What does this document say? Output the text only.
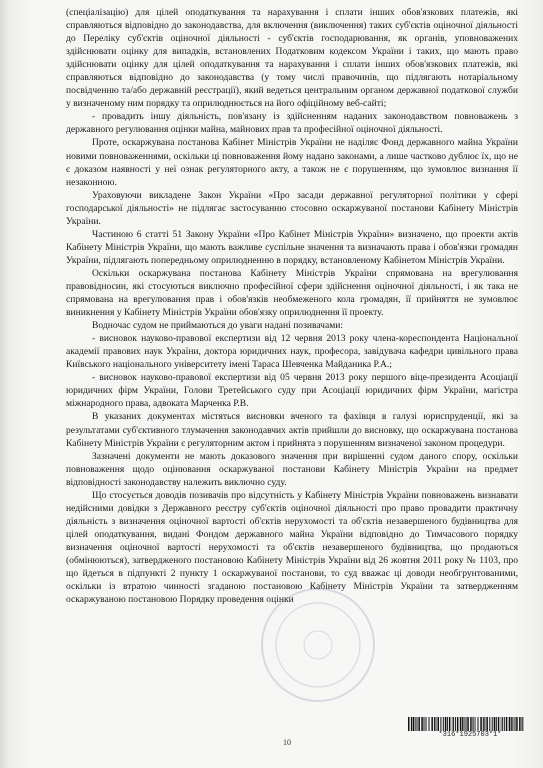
(спеціалізацію) для цілей оподаткування та нарахування і сплати інших обов'язкових платежів, які справляються відповідно до законодавства, для включення (виключення) таких суб'єктів оціночної діяльності до Переліку суб'єктів оціночної діяльності - суб'єктів господарювання, як органів, уповноважених здійснювати оцінку для випадків, встановлених Податковим кодексом України і таких, що мають право здійснювати оцінку для цілей оподаткування та нарахування і сплати інших обов'язкових платежів, які справляються відповідно до законодавства (у тому числі правочинів, що підлягають нотаріальному посвідченню та/або державній реєстрації), який ведеться центральним органом державної податкової служби у визначеному ним порядку та оприлюднюється на його офіційному веб-сайті;

- провадить іншу діяльність, пов'язану із здійсненням наданих законодавством повноважень з державного регулювання оцінки майна, майнових прав та професійної оціночної діяльності.

Проте, оскаржувана постанова Кабінет Міністрів України не наділяє Фонд державного майна України новими повноваженнями, оскільки ці повноваження йому надано законами, а лише частково дублює їх, що не є доказом наявності у неї ознак регуляторного акту, а також не є порушенням, що зумовлює визнання її незаконною.

Ураховуючи викладене Закон України «Про засади державної регуляторної політики у сфері господарської діяльності» не підлягає застосуванню стосовно оскаржуваної постанови Кабінету Міністрів України.

Частиною 6 статті 51 Закону України «Про Кабінет Міністрів України» визначено, що проекти актів Кабінету Міністрів України, що мають важливе суспільне значення та визначають права і обов'язки громадян України, підлягають попередньому оприлюдненню в порядку, встановленому Кабінетом Міністрів України.

Оскільки оскаржувана постанова Кабінету Міністрів України спрямована на врегулювання правовідносин, які стосуються виключно професійної сфери здійснення оціночної діяльності, і як така не спрямована на врегулювання прав і обов'язків необмеженого кола громадян, її прийняття не зумовлює виникнення у Кабінету Міністрів України обов'язку оприлюднення її проекту.

Водночас судом не приймаються до уваги надані позивачами:

- висновок науково-правової експертизи від 12 червня 2013 року члена-кореспондента Національної академії правових наук України, доктора юридичних наук, професора, завідувача кафедри цивільного права Київського національного університету імені Тараса Шевченка Майданика Р.А.;

- висновок науково-правової експертизи від 05 червня 2013 року першого віце-президента Асоціації юридичних фірм України, Голови Третейського суду при Асоціації юридичних фірм України, магістра міжнародного права, адвоката Марченка Р.В.

В указаних документах містяться висновки вченого та фахівця в галузі юриспруденції, які за результатами суб'єктивного тлумачення законодавчих актів прийшли до висновку, що оскаржувана постанова Кабінету Міністрів України є регуляторним актом і прийнята з порушенням визначеної законом процедури.

Зазначені документи не мають доказового значення при вирішенні судом даного спору, оскільки повноваження щодо оцінювання оскаржуваної постанови Кабінету Міністрів України на предмет відповідності законодавству належить виключно суду.

Що стосується доводів позивачів про відсутність у Кабінету Міністрів України повноважень визнавати недійсними довідки з Державного реєстру суб'єктів оціночної діяльності про право провадити практичну діяльність з визначення оціночної вартості об'єктів нерухомості та об'єктів незавершеного будівництва для цілей оподаткування, видані Фондом державного майна України відповідно до Тимчасового порядку визначення оціночної вартості нерухомості та об'єктів незавершеного будівництва, що продаються (обмінюються), затвердженого постановою Кабінету Міністрів України від 26 жовтня 2011 року № 1103, про що йдеться в підпункті 2 пункту 1 оскаржуваної постанови, то суд вважає ці доводи необгрунтованими, оскільки із втратою чинності згаданою постановою Кабінету Міністрів України та затвердженням оскаржуваною постановою Порядку проведення оцінки

10
*316*1925703*1*
